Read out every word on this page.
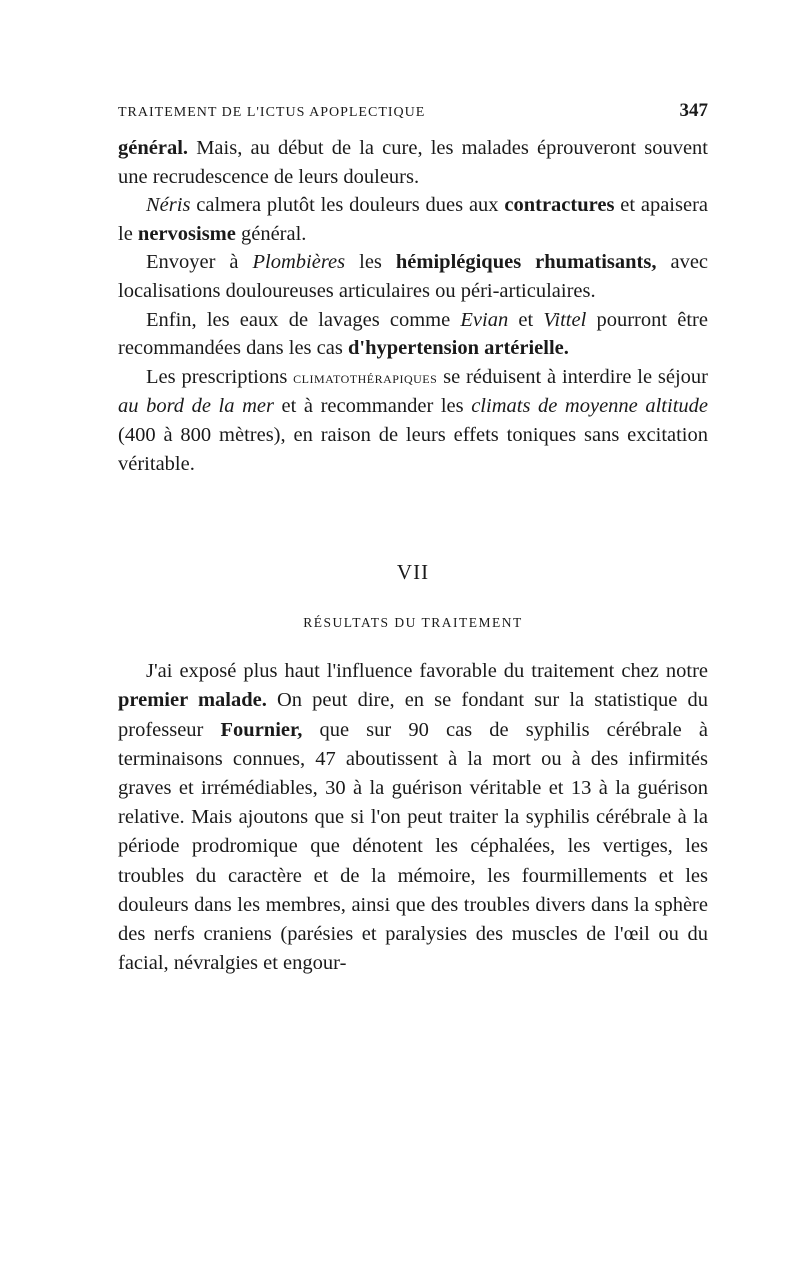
TRAITEMENT DE L'ICTUS APOPLECTIQUE	347

général. Mais, au début de la cure, les malades éprouveront souvent une recrudescence de leurs douleurs.

Néris calmera plutôt les douleurs dues aux contractures et apaisera le nervosisme général.

Envoyer à Plombières les hémiplégiques rhumatisants, avec localisations douloureuses articulaires ou péri-articulaires.

Enfin, les eaux de lavages comme Evian et Vittel pourront être recommandées dans les cas d'hypertension artérielle.

Les prescriptions climatothérapiques se réduisent à interdire le séjour au bord de la mer et à recommander les climats de moyenne altitude (400 à 800 mètres), en raison de leurs effets toniques sans excitation véritable.

VII
RÉSULTATS DU TRAITEMENT

J'ai exposé plus haut l'influence favorable du traitement chez notre premier malade. On peut dire, en se fondant sur la statistique du professeur Fournier, que sur 90 cas de syphilis cérébrale à terminaisons connues, 47 aboutissent à la mort ou à des infirmités graves et irrémédiables, 30 à la guérison véritable et 13 à la guérison relative. Mais ajoutons que si l'on peut traiter la syphilis cérébrale à la période prodromique que dénotent les céphalées, les vertiges, les troubles du caractère et de la mémoire, les fourmillements et les douleurs dans les membres, ainsi que des troubles divers dans la sphère des nerfs craniens (parésies et paralysies des muscles de l'œil ou du facial, névralgies et engour-
